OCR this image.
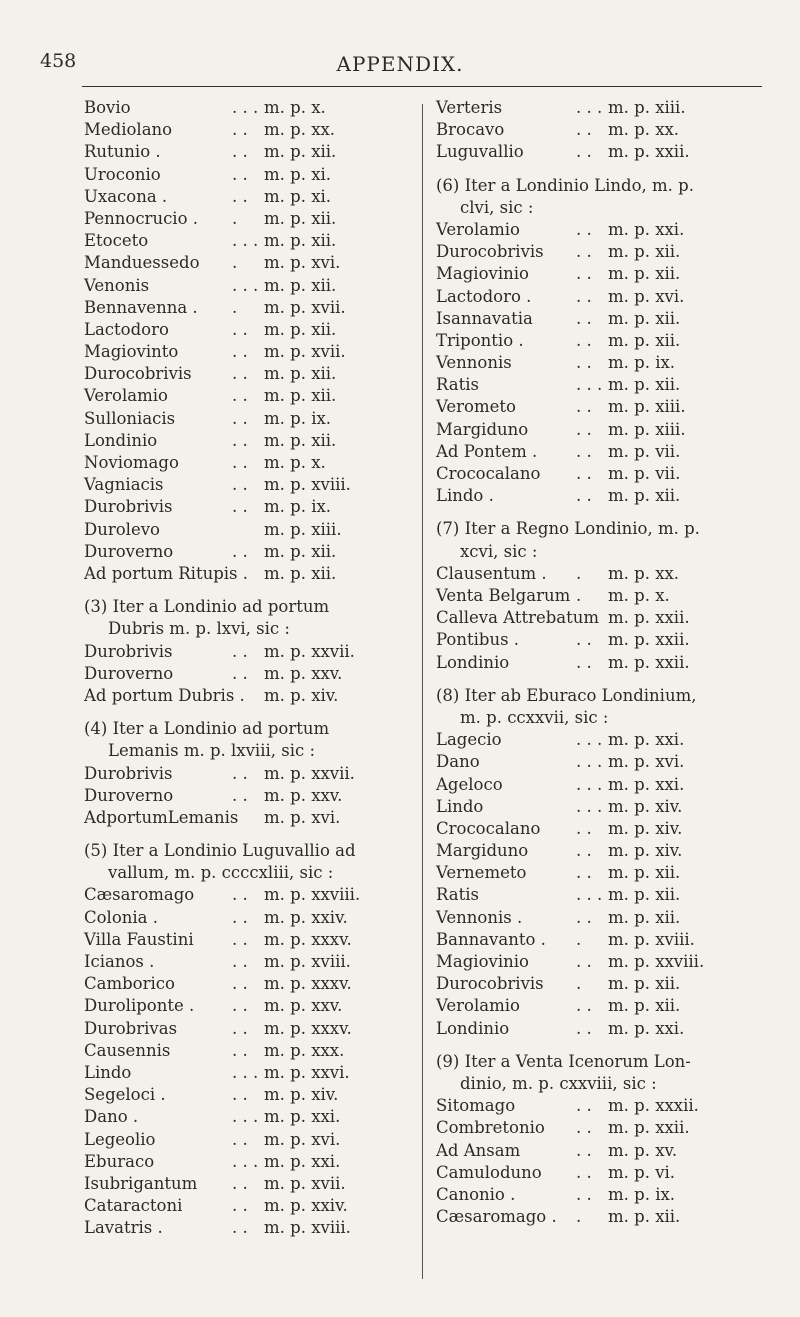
458	APPENDIX.
Bovio	. . . m. p. x.
Mediolano	. . m. p. xx.
Rutunio .	. . m. p. xii.
Uroconio	. . m. p. xi.
Uxacona .	. . m. p. xi.
Pennocrucio .	.	m. p. xii.
Etoceto	. . . m. p. xii.
Manduessedo	.	m. p. xvi.
Venonis	. . . m. p. xii.
Bennavenna .	.	m. p. xvii.
Lactodoro	. . m. p. xii.
Magiovinto	. . m. p. xvii.
Durocobrivis	. . m. p. xii.
Verolamio	. . m. p. xii.
Sulloniacis	. . m. p. ix.
Londinio	. . m. p. xii.
Noviomago	. . m. p. x.
Vagniacis	. . m. p. xviii.
Durobrivis	. . m. p. ix.
Durolevo	m. p. xiii.
Duroverno	. . m. p. xii.
Ad portum Ritupis . m. p. xii.
(3) Iter a Londinio ad portum
Dubris m. p. lxvi, sic :
Durobrivis	. . m. p. xxvii.
Duroverno	. . m. p. xxv.
Ad portum Dubris . m. p. xiv.
(4) Iter a Londinio ad portum
Lemanis m. p. lxviii, sic :
Durobrivis	. . m. p. xxvii.
Duroverno	. . m. p. xxv.
AdportumLemanis m. p. xvi.
(5) Iter a Londinio Luguvallio ad
vallum, m. p. ccccxliii, sic :
Cæsaromago	. . m. p. xxviii.
Colonia .	. . m. p. xxiv.
Villa Faustini	. . m. p. xxxv.
Icianos .	. . m. p. xviii.
Camborico	. . m. p. xxxv.
Duroliponte .	. . m. p. xxv.
Durobrivas	. . m. p. xxxv.
Causennis	. . m. p. xxx.
Lindo	. . . m. p. xxvi.
Segeloci .	. . m. p. xiv.
Dano .	. . . m. p. xxi.
Legeolio	. . m. p. xvi.
Eburaco	. . . m. p. xxi.
Isubrigantum	. . m. p. xvii.
Cataractoni	. . m. p. xxiv.
Lavatris .	. . m. p. xviii.
Verteris	. . . m. p. xiii.
Brocavo	. . m. p. xx.
Luguvallio	. . m. p. xxii.
(6) Iter a Londinio Lindo, m. p.
clvi, sic :
Verolamio	. . m. p. xxi.
Durocobrivis	. . m. p. xii.
Magiovinio	. . m. p. xii.
Lactodoro .	. . m. p. xvi.
Isannavatia	. . m. p. xii.
Tripontio .	. . m. p. xii.
Vennonis	. . m. p. ix.
Ratis	. . . m. p. xii.
Verometo	. . m. p. xiii.
Margiduno	. . m. p. xiii.
Ad Pontem .	. . m. p. vii.
Crococalano	. . m. p. vii.
Lindo .	. . m. p. xii.
(7) Iter a Regno Londinio, m. p.
xcvi, sic :
Clausentum .	.	m. p. xx.
Venta Belgarum .	m. p. x.
Calleva Attrebatum m. p. xxii.
Pontibus .	. . m. p. xxii.
Londinio	. . m. p. xxii.
(8) Iter ab Eburaco Londinium,
m. p. ccxxvii, sic :
Lagecio	. . . m. p. xxi.
Dano	. . . m. p. xvi.
Ageloco	. . . m. p. xxi.
Lindo	. . . m. p. xiv.
Crococalano	. . m. p. xiv.
Margiduno	. . m. p. xiv.
Vernemeto	. . m. p. xii.
Ratis	. . . m. p. xii.
Vennonis .	. . m. p. xii.
Bannavanto .	.	m. p. xviii.
Magiovinio	. . m. p. xxviii.
Durocobrivis	.	m. p. xii.
Verolamio	. . m. p. xii.
Londinio	. . m. p. xxi.
(9) Iter a Venta Icenorum Lon-
dinio, m. p. cxxviii, sic :
Sitomago	. . m. p. xxxii.
Combretonio	. . m. p. xxii.
Ad Ansam	. . m. p. xv.
Camuloduno	. . m. p. vi.
Canonio .	. . m. p. ix.
Cæsaromago .	.	m. p. xii.
